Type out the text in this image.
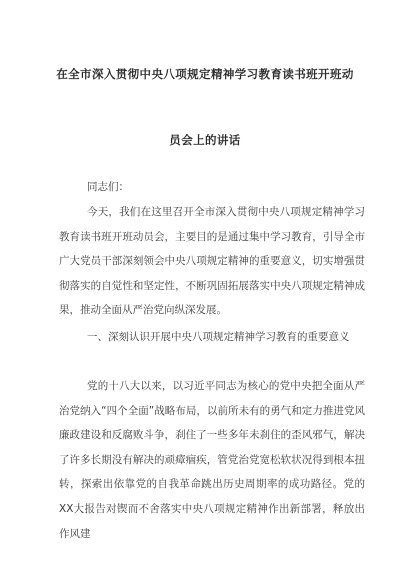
在全市深入贯彻中央八项规定精神学习教育读书班开班动
员会上的讲话
同志们：
今天，我们在这里召开全市深入贯彻中央八项规定精神学习教育读书班开班动员会，主要目的是通过集中学习教育，引导全市广大党员干部深刻领会中央八项规定精神的重要意义，切实增强贯彻落实的自觉性和坚定性，不断巩固拓展落实中央八项规定精神成果，推动全面从严治党向纵深发展。
一、深刻认识开展中央八项规定精神学习教育的重要意义
党的十八大以来，以习近平同志为核心的党中央把全面从严治党纳入“四个全面”战略布局，以前所未有的勇气和定力推进党风廉政建设和反腐败斗争，刹住了一些多年未刹住的歪风邪气，解决了许多长期没有解决的顽瘴痼疾，管党治党宽松软状况得到根本扭转，探索出依靠党的自我革命跳出历史周期率的成功路径。党的XX大报告对锲而不舍落实中央八项规定精神作出新部署，释放出作风建
